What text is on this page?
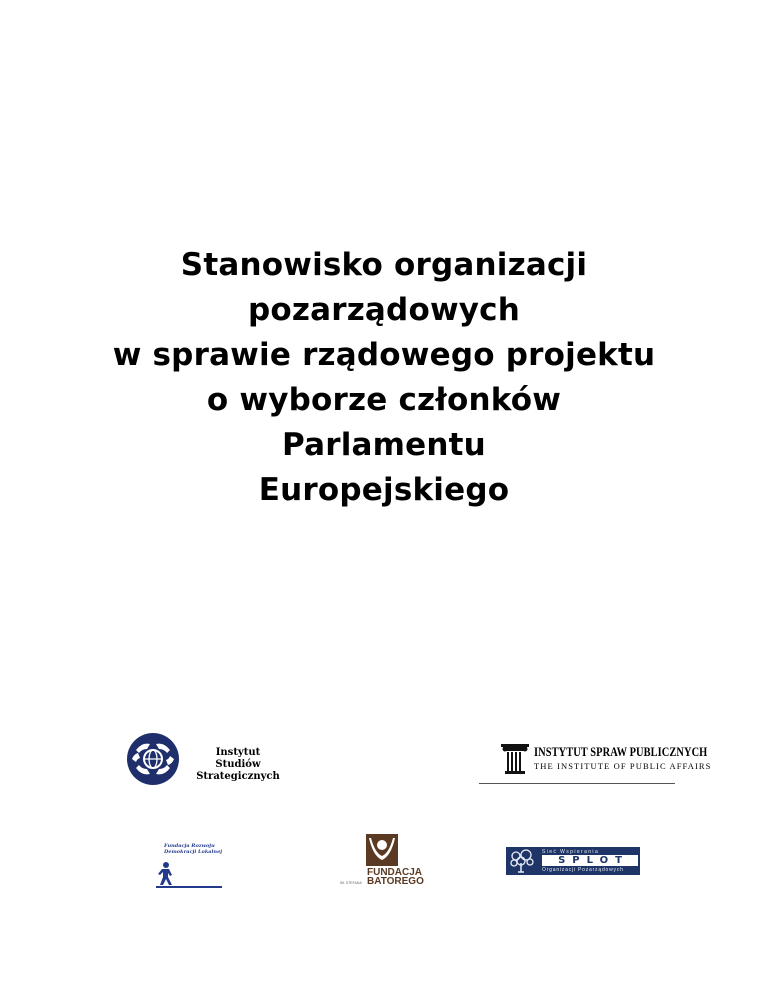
Stanowisko organizacji
pozarządowych
w sprawie rządowego projektu
o wyborze członków
Parlamentu
Europejskiego
Instytut
Studiów
Strategicznych
INSTYTUT SPRAW PUBLICZNYCH
THE INSTITUTE OF PUBLIC AFFAIRS
Fundacja Rozwoju
Demokracji Lokalnej
IM. STEFANA
FUNDACJA
BATOREGO
Sieć Wspierania
SPLOT
Organizacji Pozarządowych
